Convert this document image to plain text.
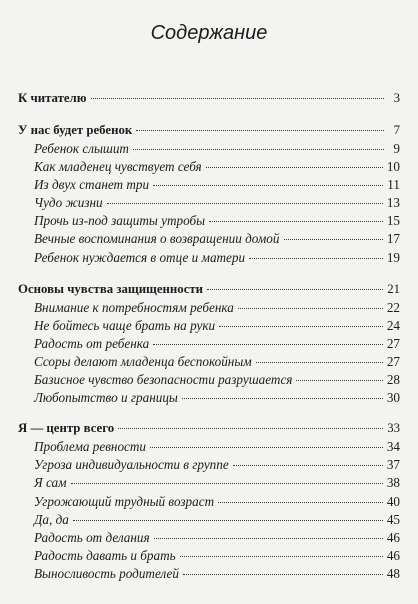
Содержание
К читателю	3
У нас будет ребенок	7
Ребенок слышит	9
Как младенец чувствует себя	10
Из двух станет три	11
Чудо жизни	13
Прочь из-под защиты утробы	15
Вечные воспоминания о возвращении домой	17
Ребенок нуждается в отце и матери	19
Основы чувства защищенности	21
Внимание к потребностям ребенка	22
Не бойтесь чаще брать на руки	24
Радость от ребенка	27
Ссоры делают младенца беспокойным	27
Базисное чувство безопасности разрушается	28
Любопытство и границы	30
Я — центр всего	33
Проблема ревности	34
Угроза индивидуальности в группе	37
Я сам	38
Угрожающий трудный возраст	40
Да, да	45
Радость от делания	46
Радость давать и брать	46
Выносливость родителей	48
